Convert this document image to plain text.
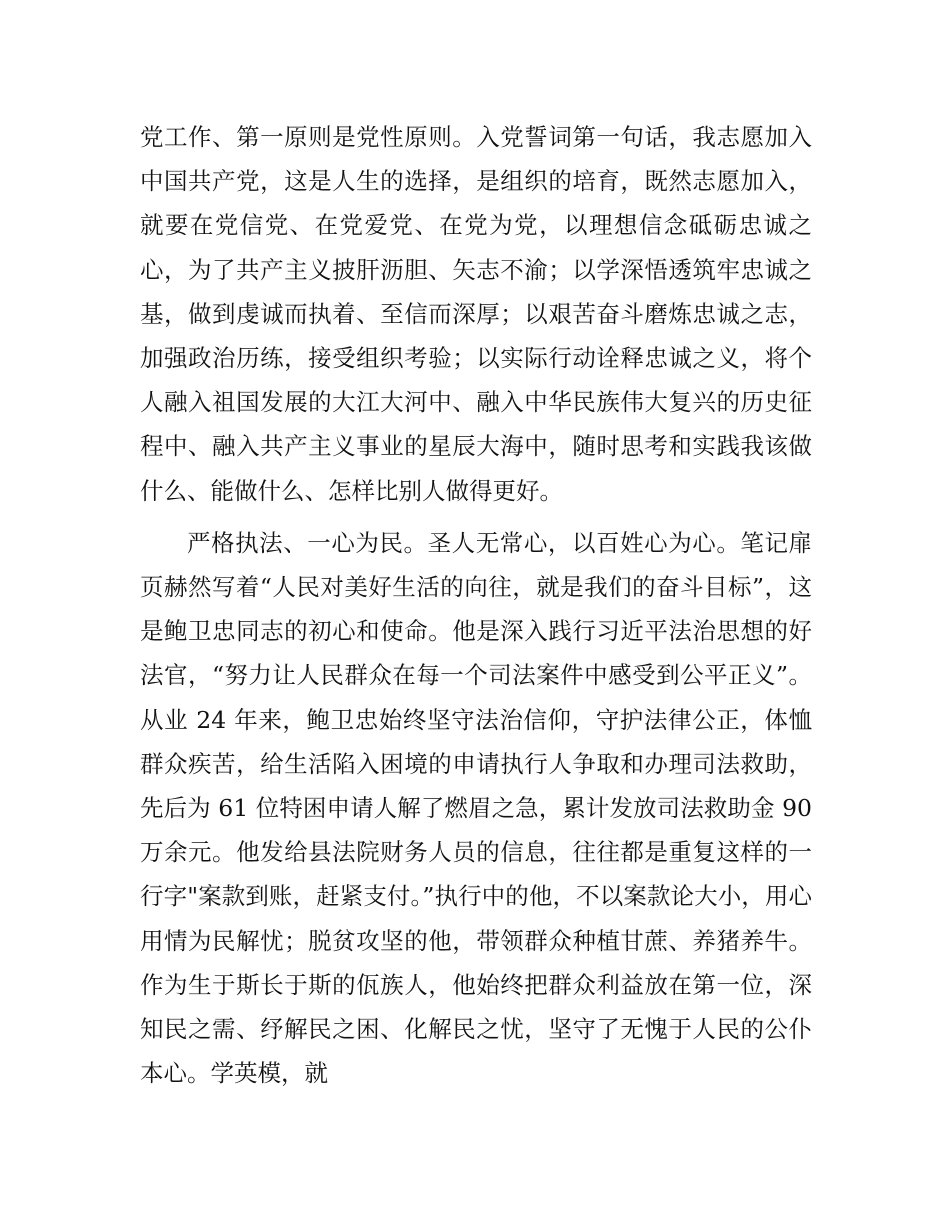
党工作、第一原则是党性原则。入党誓词第一句话，我志愿加入中国共产党，这是人生的选择，是组织的培育，既然志愿加入，就要在党信党、在党爱党、在党为党，以理想信念砥砺忠诚之心，为了共产主义披肝沥胆、矢志不渝；以学深悟透筑牢忠诚之基，做到虔诚而执着、至信而深厚；以艰苦奋斗磨炼忠诚之志，加强政治历练，接受组织考验；以实际行动诠释忠诚之义，将个人融入祖国发展的大江大河中、融入中华民族伟大复兴的历史征程中、融入共产主义事业的星辰大海中，随时思考和实践我该做什么、能做什么、怎样比别人做得更好。

严格执法、一心为民。圣人无常心，以百姓心为心。笔记扉页赫然写着“人民对美好生活的向往，就是我们的奋斗目标”，这是鲍卫忠同志的初心和使命。他是深入践行习近平法治思想的好法官，“努力让人民群众在每一个司法案件中感受到公平正义”。从业 24 年来，鲍卫忠始终坚守法治信仰，守护法律公正，体恤群众疾苦，给生活陷入困境的申请执行人争取和办理司法救助，先后为 61 位特困申请人解了燃眉之急，累计发放司法救助金 90 万余元。他发给县法院财务人员的信息，往往都是重复这样的一行字"案款到账，赶紧支付。”执行中的他，不以案款论大小，用心用情为民解忧；脱贫攻坚的他，带领群众种植甘蔗、养猪养牛。作为生于斯长于斯的佤族人，他始终把群众利益放在第一位，深知民之需、纾解民之困、化解民之忧，坚守了无愧于人民的公仆本心。学英模，就
